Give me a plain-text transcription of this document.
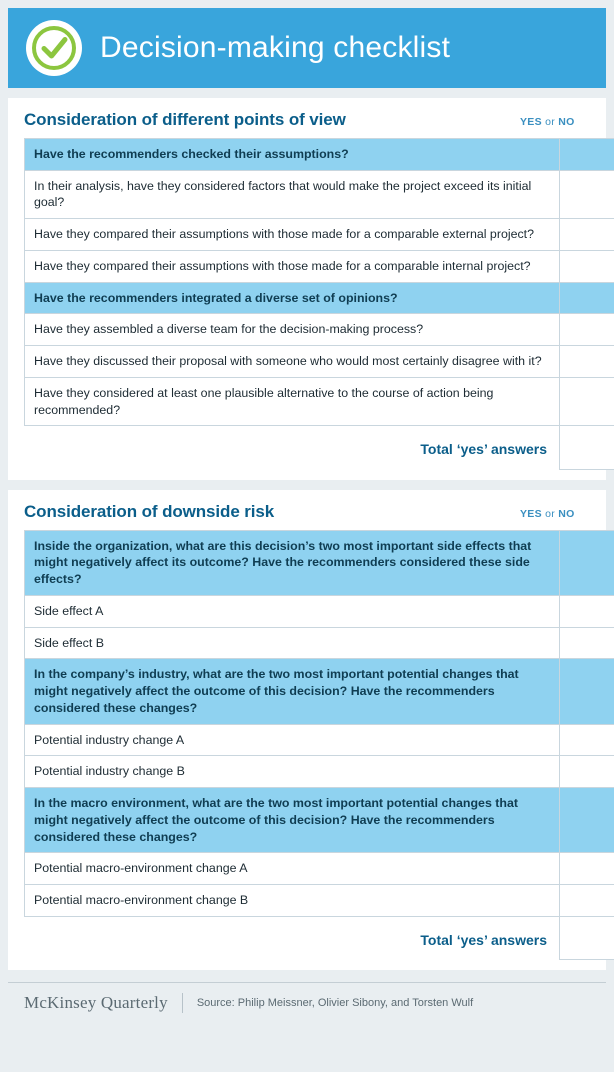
Decision-making checklist
Consideration of different points of view	YES or NO
Have the recommenders checked their assumptions?	
In their analysis, have they considered factors that would make the project exceed its initial goal?	
Have they compared their assumptions with those made for a comparable external project?	
Have they compared their assumptions with those made for a comparable internal project?	
Have the recommenders integrated a diverse set of opinions?	
Have they assembled a diverse team for the decision-making process?	
Have they discussed their proposal with someone who would most certainly disagree with it?	
Have they considered at least one plausible alternative to the course of action being recommended?	
Total ‘yes’ answers	
Consideration of downside risk	YES or NO
Inside the organization, what are this decision’s two most important side effects that might negatively affect its outcome? Have the recommenders considered these side effects?	
Side effect A	
Side effect B	
In the company’s industry, what are the two most important potential changes that might negatively affect the outcome of this decision? Have the recommenders considered these changes?	
Potential industry change A	
Potential industry change B	
In the macro environment, what are the two most important potential changes that might negatively affect the outcome of this decision? Have the recommenders considered these changes?	
Potential macro-environment change A	
Potential macro-environment change B	
Total ‘yes’ answers	
McKinsey Quarterly	Source: Philip Meissner, Olivier Sibony, and Torsten Wulf
